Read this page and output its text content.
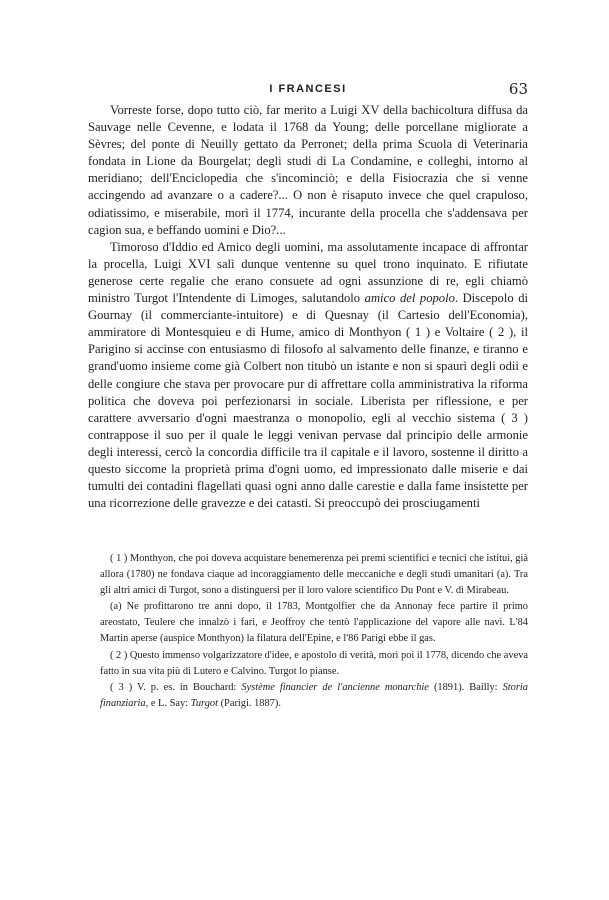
I FRANCESI	63

Vorreste forse, dopo tutto ciò, far merito a Luigi XV della bachicoltura diffusa da Sauvage nelle Cevenne, e lodata il 1768 da Young; delle porcellane migliorate a Sèvres; del ponte di Neuilly gettato da Perronet; della prima Scuola di Veterinaria fondata in Lione da Bourgelat; degli studi di La Condamine, e colleghi, intorno al meridiano; dell'Enciclopedia che s'incominciò; e della Fisiocrazia che si venne accingendo ad avanzare o a cadere?... O non è risaputo invece che quel crapuloso, odiatissimo, e miserabile, morì il 1774, incurante della procella che s'addensava per cagion sua, e beffando uomini e Dio?...

Timoroso d'Iddio ed Amico degli uomini, ma assolutamente incapace di affrontar la procella, Luigi XVI salì dunque ventenne su quel trono inquinato. E rifiutate generose certe regalie che erano consuete ad ogni assunzione di re, egli chiamò ministro Turgot l'Intendente di Limoges, salutandolo amico del popolo. Discepolo di Gournay (il commerciante-intuitore) e di Quesnay (il Cartesio dell'Economia), ammiratore di Montesquieu e di Hume, amico di Monthyon ( 1 ) e Voltaire ( 2 ), il Parigino si accinse con entusiasmo di filosofo al salvamento delle finanze, e tiranno e grand'uomo insieme come già Colbert non titubò un istante e non si spaurì degli odii e delle congiure che stava per provocare pur di affrettare colla amministrativa la riforma politica che doveva poi perfezionarsi in sociale. Liberista per riflessione, e per carattere avversario d'ogni maestranza o monopolio, egli al vecchio sistema ( 3 ) contrappose il suo per il quale le leggi venivan pervase dal principio delle armonie degli interessi, cercò la concordia difficile tra il capitale e il lavoro, sostenne il diritto a questo siccome la proprietà prima d'ogni uomo, ed impressionato dalle miserie e dai tumulti dei contadini flagellati quasi ogni anno dalle carestie e dalla fame insistette per una ricorrezione delle gravezze e dei catasti. Si preoccupò dei prosciugamenti

( 1 ) Monthyon, che poi doveva acquistare benemerenza pei premi scientifici e tecnici che istituì, già allora (1780) ne fondava ciaque ad incoraggiamento delle meccaniche e degli studi umanitari (a). Tra gli altri amici di Turgot, sono a distinguersi per il loro valore scientifico Du Pont e V. di Mirabeau.

(a) Ne profittarono tre anni dopo, il 1783, Montgolfier che da Annonay fece partire il primo areostato, Teulere che innalzò i fari, e Jeoffroy che tentò l'applicazione del vapore alle navi. L'84 Martin aperse (auspice Monthyon) la filatura dell'Epine, e l'86 Parigi ebbe il gas.

( 2 ) Questo immenso volgarizzatore d'idee, e apostolo di verità, morì poi il 1778, dicendo che aveva fatto in sua vita più di Lutero e Calvino. Turgot lo pianse.

( 3 ) V. p. es. in Bouchard: Système financier de l'ancienne monarchie (1891). Bailly: Storia finanziaria, e L. Say: Turgot (Parigi. 1887).
